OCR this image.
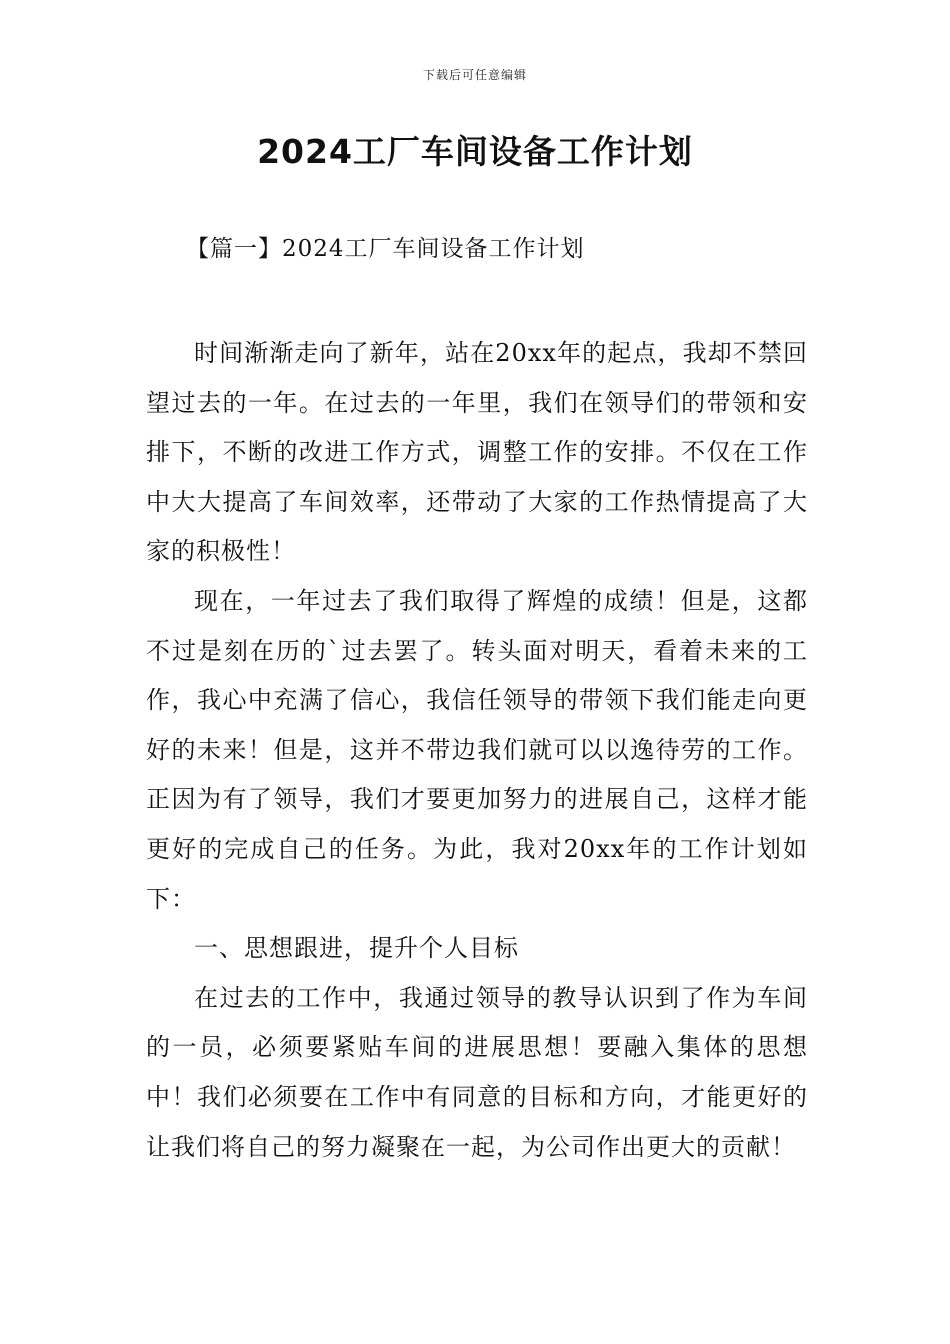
下载后可任意编辑
2024工厂车间设备工作计划
【篇一】2024工厂车间设备工作计划

时间渐渐走向了新年，站在20xx年的起点，我却不禁回望过去的一年。在过去的一年里，我们在领导们的带领和安排下，不断的改进工作方式，调整工作的安排。不仅在工作中大大提高了车间效率，还带动了大家的工作热情提高了大家的积极性！

现在，一年过去了我们取得了辉煌的成绩！但是，这都不过是刻在历的`过去罢了。转头面对明天，看着未来的工作，我心中充满了信心，我信任领导的带领下我们能走向更好的未来！但是，这并不带边我们就可以以逸待劳的工作。正因为有了领导，我们才要更加努力的进展自己，这样才能更好的完成自己的任务。为此，我对20xx年的工作计划如下：

一、思想跟进，提升个人目标

在过去的工作中，我通过领导的教导认识到了作为车间的一员，必须要紧贴车间的进展思想！要融入集体的思想中！我们必须要在工作中有同意的目标和方向，才能更好的让我们将自己的努力凝聚在一起，为公司作出更大的贡献！
